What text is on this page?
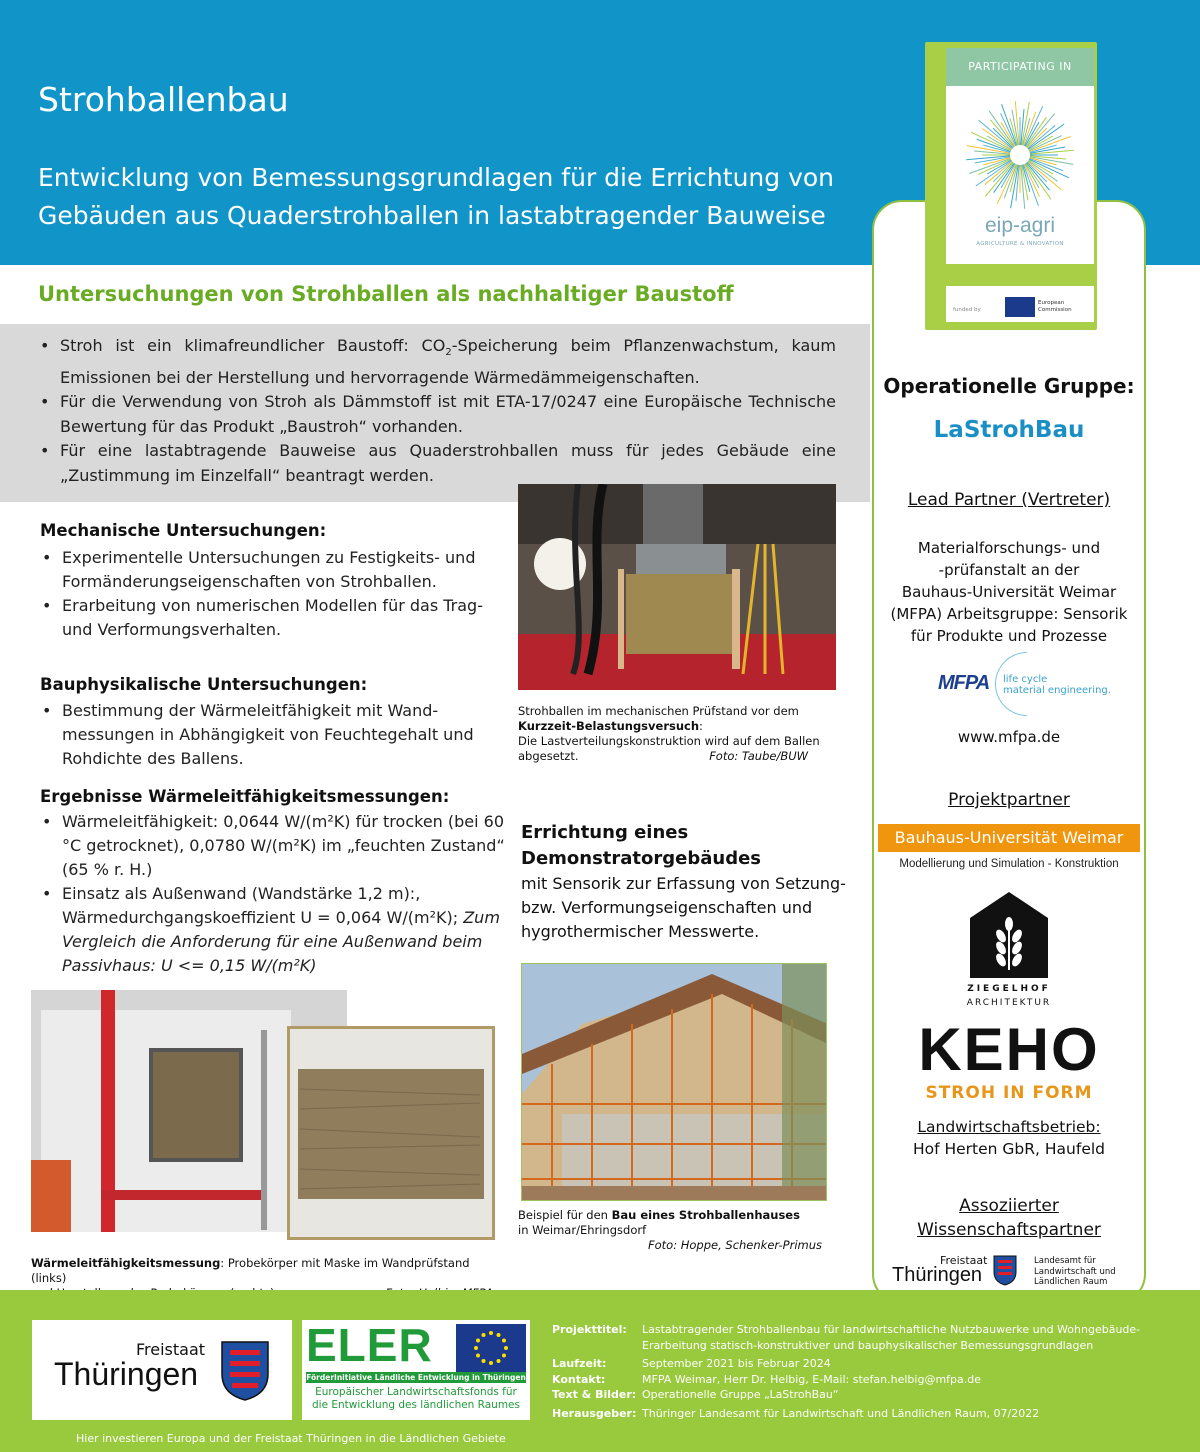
Strohballenbau
Entwicklung von Bemessungsgrundlagen für die Errichtung von
Gebäuden aus Quaderstrohballen in lastabtragender Bauweise
PARTICIPATING IN
eip-agri
AGRICULTURE & INNOVATION
funded by
European Commission
Operationelle Gruppe:
LaStrohBau
Lead Partner (Vertreter)
Materialforschungs- und
-prüfanstalt an der
Bauhaus-Universität Weimar
(MFPA) Arbeitsgruppe: Sensorik
für Produkte und Prozesse
MFPA life cycle
material engineering.
www.mfpa.de
Projektpartner
Bauhaus-Universität Weimar
Modellierung und Simulation - Konstruktion
ZIEGELHOF
ARCHITEKTUR
KEHO
STROH IN FORM
Landwirtschaftsbetrieb:
Hof Herten GbR, Haufeld
Assoziierter
Wissenschaftspartner
Freistaat
Thüringen
Landesamt für
Landwirtschaft und
Ländlichen Raum
Untersuchungen von Strohballen als nachhaltiger Baustoff
• Stroh ist ein klimafreundlicher Baustoff: $CO_2$-Speicherung beim Pflanzenwachstum, kaum Emissionen bei der Herstellung und hervorragende Wärmedämmeigenschaften.
• Für die Verwendung von Stroh als Dämmstoff ist mit ETA-17/0247 eine Europäische Technische Bewertung für das Produkt „Baustroh“ vorhanden.
• Für eine lastabtragende Bauweise aus Quaderstrohballen muss für jedes Gebäude eine „Zustimmung im Einzelfall“ beantragt werden.
Mechanische Untersuchungen:
• Experimentelle Untersuchungen zu Festigkeits- und Formänderungseigenschaften von Strohballen.
• Erarbeitung von numerischen Modellen für das Trag- und Verformungsverhalten.
Bauphysikalische Untersuchungen:
• Bestimmung der Wärmeleitfähigkeit mit Wand-messungen in Abhängigkeit von Feuchtegehalt und Rohdichte des Ballens.
Ergebnisse Wärmeleitfähigkeitsmessungen:
• Wärmeleitfähigkeit: 0,0644 W/(m²K) für trocken (bei 60 °C getrocknet), 0,0780 W/(m²K) im „feuchten Zustand“ (65 % r. H.)
• Einsatz als Außenwand (Wandstärke 1,2 m):, Wärmedurchgangskoeffizient U = 0,064 W/(m²K); Zum Vergleich die Anforderung für eine Außenwand beim Passivhaus: U <= 0,15 W/(m²K)
Strohballen im mechanischen Prüfstand vor dem
Kurzzeit-Belastungsversuch:
Die Lastverteilungskonstruktion wird auf dem Ballen
abgesetzt.	Foto: Taube/BUW
Errichtung eines
Demonstratorgebäudes
mit Sensorik zur Erfassung von Setzung- bzw. Verformungseigenschaften und hygrothermischer Messwerte.
Beispiel für den Bau eines Strohballenhauses
in Weimar/Ehringsdorf
Foto: Hoppe, Schenker-Primus
Wärmeleitfähigkeitsmessung: Probekörper mit Maske im Wandprüfstand (links)
Freistaat
Thüringen
ELER
FörderInitiative Ländliche Entwicklung in Thüringen
Europäischer Landwirtschaftsfonds für
die Entwicklung des ländlichen Raumes
Hier investieren Europa und der Freistaat Thüringen in die Ländlichen Gebiete
Projekttitel:	Lastabtragender Strohballenbau für landwirtschaftliche Nutzbauwerke und Wohngebäude-
Erarbeitung statisch-konstruktiver und bauphysikalischer Bemessungsgrundlagen
Laufzeit:	September 2021 bis Februar 2024
Kontakt:	MFPA Weimar, Herr Dr. Helbig, E-Mail: stefan.helbig@mfpa.de
Text & Bilder: Operationelle Gruppe „LaStrohBau“
Herausgeber: Thüringer Landesamt für Landwirtschaft und Ländlichen Raum, 07/2022
